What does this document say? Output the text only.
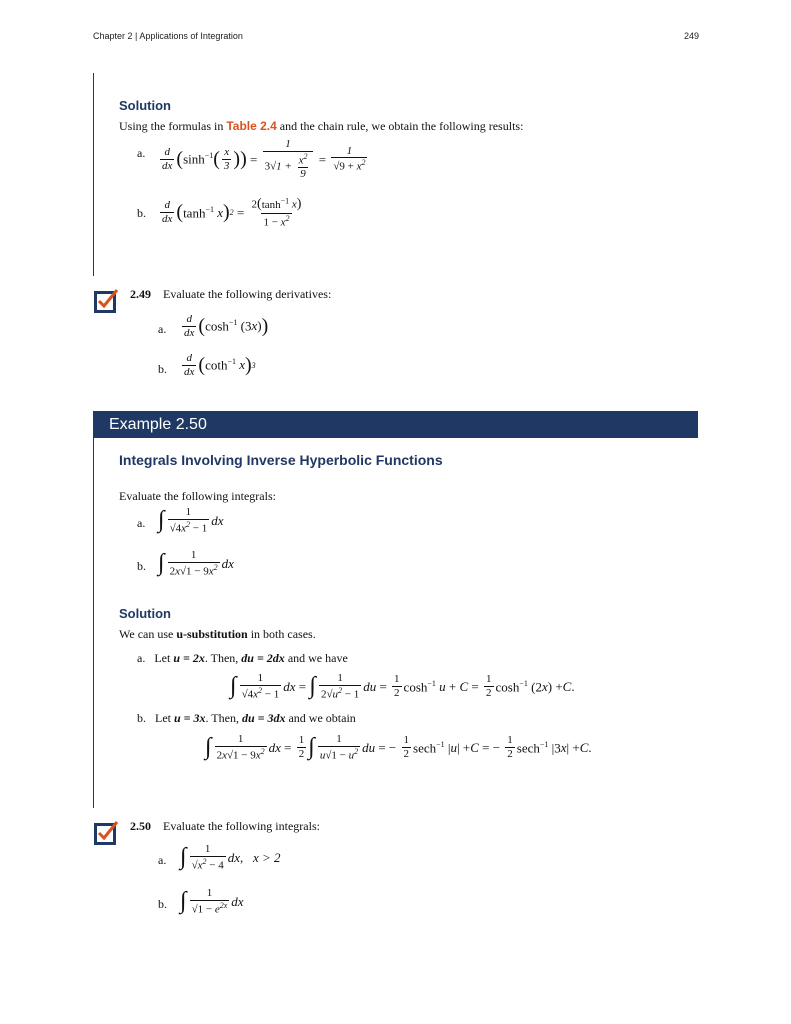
Chapter 2 | Applications of Integration	249
Solution
Using the formulas in Table 2.4 and the chain rule, we obtain the following results:
a. $\frac{d}{dx}$ ( $\sinh^{-1}$ ( $\frac{x}{3}$ )) = $\frac{1}{3√1 + \frac{x^2}{9}} = \frac{1}{√9 + x^2}$
b. $\frac{d}{dx}$ ( $\tanh^{-1} x$ ) $2 = \frac{2(\tanh^{-1} x)}{1 - x^2}$
2.49 Evaluate the following derivatives:
a. $\frac{d}{dx}$ ( $\cosh^{-1} (3$ x ) )
b. $\frac{d}{dx}$ ( coth$^{-1}$ x ) 3
Example 2.50
Integrals Involving Inverse Hyperbolic Functions
Evaluate the following integrals:
a. ∫ $\frac{1}{√4x^2 - 1}$ dx
b. ∫ $\frac{1}{2x√1 - 9x^2}$ dx
Solution
We can use u-substitution in both cases.
a. Let u = 2x. Then, du = 2dx and we have
∫ $\frac{1}{√4x^2 - 1}$ dx = ∫ $\frac{1}{2√u^2 - 1}$ du = $\frac{1}{2} \cosh^{-1} u + C = \frac{1}{2} \cosh^{-1} (2$ x ) + C .
b. Let u = 3x. Then, du = 3dx and we obtain
∫ $\frac{1}{2x√1 - 9x^2}$ dx = $\frac{1}{2}$ ∫ $\frac{1}{u√1 - u^2}$ du = − $\frac{1}{2} \sec h^{-1}$ | u | + C = − $\frac{1}{2} \sec h^{-1}$ |3 x | + C .
2.50 Evaluate the following integrals:
a. ∫ $\frac{1}{√x^2 - 4}$ dx , x > 2
b. ∫ $\frac{1}{√1 - e^{2x}}$ dx
